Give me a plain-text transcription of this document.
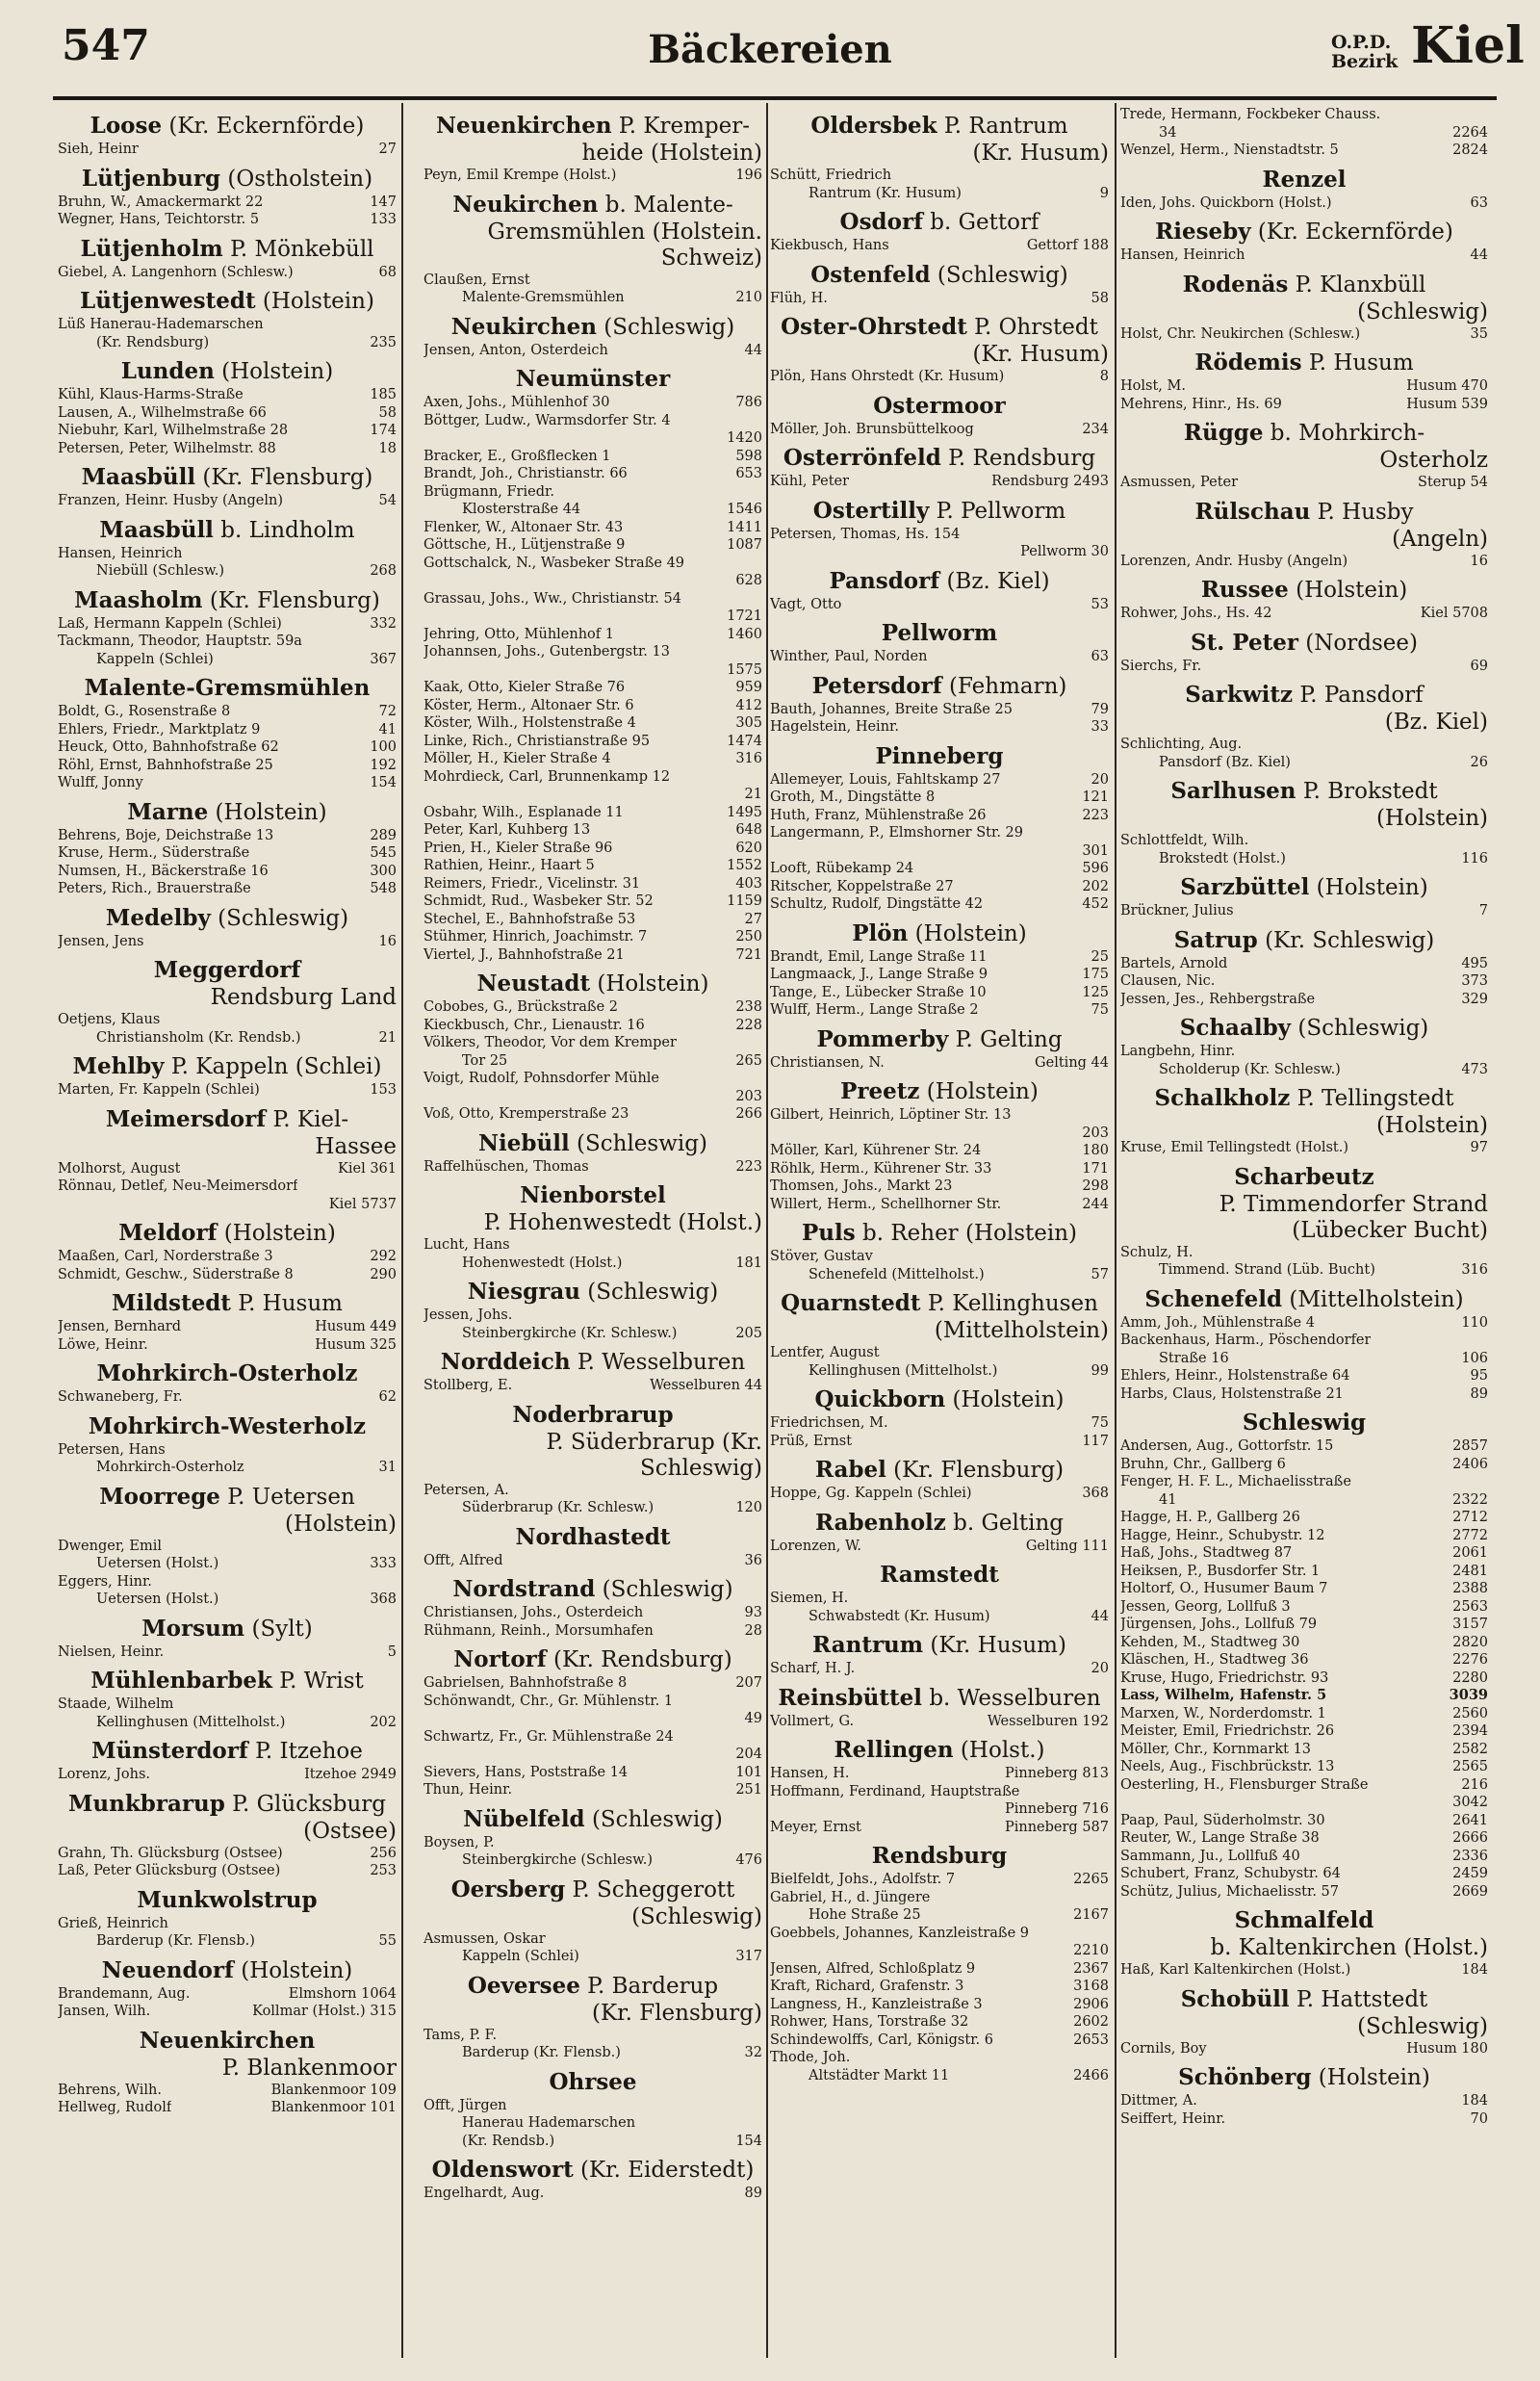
547	Bäckereien	O.P.D.
Bezirk Kiel
Loose (Kr. Eckernförde)
Sieh, Heinr	27
Lütjenburg (Ostholstein)
Bruhn, W., Amackermarkt 22	147
Wegner, Hans, Teichtorstr. 5	133
Lütjenholm P. Mönkebüll
Giebel, A. Langenhorn (Schlesw.)	68
Lütjenwestedt (Holstein)
Lüß Hanerau-Hademarschen
(Kr. Rendsburg)	235
Lunden (Holstein)
Kühl, Klaus-Harms-Straße	185
Lausen, A., Wilhelmstraße 66	58
Niebuhr, Karl, Wilhelmstraße 28	174
Petersen, Peter, Wilhelmstr. 88	18
Maasbüll (Kr. Flensburg)
Franzen, Heinr. Husby (Angeln)	54
Maasbüll b. Lindholm
Hansen, Heinrich
Niebüll (Schlesw.)	268
Maasholm (Kr. Flensburg)
Laß, Hermann Kappeln (Schlei)	332
Tackmann, Theodor, Hauptstr. 59a
Kappeln (Schlei)	367
Malente-Gremsmühlen
Boldt, G., Rosenstraße 8	72
Ehlers, Friedr., Marktplatz 9	41
Heuck, Otto, Bahnhofstraße 62	100
Röhl, Ernst, Bahnhofstraße 25	192
Wulff, Jonny	154
Marne (Holstein)
Behrens, Boje, Deichstraße 13	289
Kruse, Herm., Süderstraße	545
Numsen, H., Bäckerstraße 16	300
Peters, Rich., Brauerstraße	548
Medelby (Schleswig)
Jensen, Jens	16
Meggerdorf
Rendsburg Land
Oetjens, Klaus
Christiansholm (Kr. Rendsb.)	21
Mehlby P. Kappeln (Schlei)
Marten, Fr. Kappeln (Schlei)	153
Meimersdorf P. Kiel-
Hassee
Molhorst, August	Kiel 361
Rönnau, Detlef, Neu-Meimersdorf
Kiel 5737
Meldorf (Holstein)
Maaßen, Carl, Norderstraße 3	292
Schmidt, Geschw., Süderstraße 8	290
Mildstedt P. Husum
Jensen, Bernhard	Husum 449
Löwe, Heinr.	Husum 325
Mohrkirch-Osterholz
Schwaneberg, Fr.	62
Mohrkirch-Westerholz
Petersen, Hans
Mohrkirch-Osterholz	31
Moorrege P. Uetersen
(Holstein)
Dwenger, Emil
Uetersen (Holst.)	333
Eggers, Hinr.
Uetersen (Holst.)	368
Morsum (Sylt)
Nielsen, Heinr.	5
Mühlenbarbek P. Wrist
Staade, Wilhelm
Kellinghusen (Mittelholst.)	202
Münsterdorf P. Itzehoe
Lorenz, Johs.	Itzehoe 2949
Munkbrarup P. Glücksburg
(Ostsee)
Grahn, Th. Glücksburg (Ostsee)	256
Laß, Peter Glücksburg (Ostsee)	253
Munkwolstrup
Grieß, Heinrich
Barderup (Kr. Flensb.)	55
Neuendorf (Holstein)
Brandemann, Aug.	Elmshorn 1064
Jansen, Wilh.	Kollmar (Holst.) 315
Neuenkirchen
P. Blankenmoor
Behrens, Wilh.	Blankenmoor 109
Hellweg, Rudolf	Blankenmoor 101
Neuenkirchen P. Kremper-
heide (Holstein)
Peyn, Emil Krempe (Holst.)	196
Neukirchen b. Malente-
Gremsmühlen (Holstein. Schweiz)
Claußen, Ernst
Malente-Gremsmühlen	210
Neukirchen (Schleswig)
Jensen, Anton, Osterdeich	44
Neumünster
Axen, Johs., Mühlenhof 30	786
Böttger, Ludw., Warmsdorfer Str. 4
1420
Bracker, E., Großflecken 1	598
Brandt, Joh., Christianstr. 66	653
Brügmann, Friedr.
Klosterstraße 44	1546
Flenker, W., Altonaer Str. 43	1411
Göttsche, H., Lütjenstraße 9	1087
Gottschalck, N., Wasbeker Straße 49
628
Grassau, Johs., Ww., Christianstr. 54
1721
Jehring, Otto, Mühlenhof 1	1460
Johannsen, Johs., Gutenbergstr. 13
1575
Kaak, Otto, Kieler Straße 76	959
Köster, Herm., Altonaer Str. 6	412
Köster, Wilh., Holstenstraße 4	305
Linke, Rich., Christianstraße 95	1474
Möller, H., Kieler Straße 4	316
Mohrdieck, Carl, Brunnenkamp 12
21
Osbahr, Wilh., Esplanade 11	1495
Peter, Karl, Kuhberg 13	648
Prien, H., Kieler Straße 96	620
Rathien, Heinr., Haart 5	1552
Reimers, Friedr., Vicelinstr. 31	403
Schmidt, Rud., Wasbeker Str. 52	1159
Stechel, E., Bahnhofstraße 53	27
Stühmer, Hinrich, Joachimstr. 7	250
Viertel, J., Bahnhofstraße 21	721
Neustadt (Holstein)
Cobobes, G., Brückstraße 2	238
Kieckbusch, Chr., Lienaustr. 16	228
Völkers, Theodor, Vor dem Kremper
Tor 25	265
Voigt, Rudolf, Pohnsdorfer Mühle
203
Voß, Otto, Kremperstraße 23	266
Niebüll (Schleswig)
Raffelhüschen, Thomas	223
Nienborstel
P. Hohenwestedt (Holst.)
Lucht, Hans
Hohenwestedt (Holst.)	181
Niesgrau (Schleswig)
Jessen, Johs.
Steinbergkirche (Kr. Schlesw.)	205
Norddeich P. Wesselburen
Stollberg, E.	Wesselburen 44
Noderbrarup
P. Süderbrarup (Kr. Schleswig)
Petersen, A.
Süderbrarup (Kr. Schlesw.)	120
Nordhastedt
Offt, Alfred	36
Nordstrand (Schleswig)
Christiansen, Johs., Osterdeich	93
Rühmann, Reinh., Morsumhafen	28
Nortorf (Kr. Rendsburg)
Gabrielsen, Bahnhofstraße 8	207
Schönwandt, Chr., Gr. Mühlenstr. 1
49
Schwartz, Fr., Gr. Mühlenstraße 24
204
Sievers, Hans, Poststraße 14	101
Thun, Heinr.	251
Nübelfeld (Schleswig)
Boysen, P.
Steinbergkirche (Schlesw.)	476
Oersberg P. Scheggerott
(Schleswig)
Asmussen, Oskar
Kappeln (Schlei)	317
Oeversee P. Barderup
(Kr. Flensburg)
Tams, P. F.
Barderup (Kr. Flensb.)	32
Ohrsee
Offt, Jürgen
Hanerau Hademarschen
(Kr. Rendsb.)	154
Oldenswort (Kr. Eiderstedt)
Engelhardt, Aug.	89
Oldersbek P. Rantrum
(Kr. Husum)
Schütt, Friedrich
Rantrum (Kr. Husum)	9
Osdorf b. Gettorf
Kiekbusch, Hans	Gettorf 188
Ostenfeld (Schleswig)
Flüh, H.	58
Oster-Ohrstedt P. Ohrstedt
(Kr. Husum)
Plön, Hans Ohrstedt (Kr. Husum)	8
Ostermoor
Möller, Joh. Brunsbüttelkoog	234
Osterrönfeld P. Rendsburg
Kühl, Peter	Rendsburg 2493
Ostertilly P. Pellworm
Petersen, Thomas, Hs. 154
Pellworm 30
Pansdorf (Bz. Kiel)
Vagt, Otto	53
Pellworm
Winther, Paul, Norden	63
Petersdorf (Fehmarn)
Bauth, Johannes, Breite Straße 25	79
Hagelstein, Heinr.	33
Pinneberg
Allemeyer, Louis, Fahltskamp 27	20
Groth, M., Dingstätte 8	121
Huth, Franz, Mühlenstraße 26	223
Langermann, P., Elmshorner Str. 29
301
Looft, Rübekamp 24	596
Ritscher, Koppelstraße 27	202
Schultz, Rudolf, Dingstätte 42	452
Plön (Holstein)
Brandt, Emil, Lange Straße 11	25
Langmaack, J., Lange Straße 9	175
Tange, E., Lübecker Straße 10	125
Wulff, Herm., Lange Straße 2	75
Pommerby P. Gelting
Christiansen, N.	Gelting 44
Preetz (Holstein)
Gilbert, Heinrich, Löptiner Str. 13
203
Möller, Karl, Kührener Str. 24	180
Röhlk, Herm., Kührener Str. 33	171
Thomsen, Johs., Markt 23	298
Willert, Herm., Schellhorner Str.	244
Puls b. Reher (Holstein)
Stöver, Gustav
Schenefeld (Mittelholst.)	57
Quarnstedt P. Kellinghusen
(Mittelholstein)
Lentfer, August
Kellinghusen (Mittelholst.)	99
Quickborn (Holstein)
Friedrichsen, M.	75
Prüß, Ernst	117
Rabel (Kr. Flensburg)
Hoppe, Gg. Kappeln (Schlei)	368
Rabenholz b. Gelting
Lorenzen, W.	Gelting 111
Ramstedt
Siemen, H.
Schwabstedt (Kr. Husum)	44
Rantrum (Kr. Husum)
Scharf, H. J.	20
Reinsbüttel b. Wesselburen
Vollmert, G.	Wesselburen 192
Rellingen (Holst.)
Hansen, H.	Pinneberg 813
Hoffmann, Ferdinand, Hauptstraße
Pinneberg 716
Meyer, Ernst	Pinneberg 587
Rendsburg
Bielfeldt, Johs., Adolfstr. 7	2265
Gabriel, H., d. Jüngere
Hohe Straße 25	2167
Goebbels, Johannes, Kanzleistraße 9
2210
Jensen, Alfred, Schloßplatz 9	2367
Kraft, Richard, Grafenstr. 3	3168
Langness, H., Kanzleistraße 3	2906
Rohwer, Hans, Torstraße 32	2602
Schindewolffs, Carl, Königstr. 6	2653
Thode, Joh.
Altstädter Markt 11	2466
Trede, Hermann, Fockbeker Chauss.
34	2264
Wenzel, Herm., Nienstadtstr. 5	2824
Renzel
Iden, Johs. Quickborn (Holst.)	63
Rieseby (Kr. Eckernförde)
Hansen, Heinrich	44
Rodenäs P. Klanxbüll
(Schleswig)
Holst, Chr. Neukirchen (Schlesw.)	35
Rödemis P. Husum
Holst, M.	Husum 470
Mehrens, Hinr., Hs. 69	Husum 539
Rügge b. Mohrkirch-
Osterholz
Asmussen, Peter	Sterup 54
Rülschau P. Husby
(Angeln)
Lorenzen, Andr. Husby (Angeln)	16
Russee (Holstein)
Rohwer, Johs., Hs. 42	Kiel 5708
St. Peter (Nordsee)
Sierchs, Fr.	69
Sarkwitz P. Pansdorf
(Bz. Kiel)
Schlichting, Aug.
Pansdorf (Bz. Kiel)	26
Sarlhusen P. Brokstedt
(Holstein)
Schlottfeldt, Wilh.
Brokstedt (Holst.)	116
Sarzbüttel (Holstein)
Brückner, Julius	7
Satrup (Kr. Schleswig)
Bartels, Arnold	495
Clausen, Nic.	373
Jessen, Jes., Rehbergstraße	329
Schaalby (Schleswig)
Langbehn, Hinr.
Scholderup (Kr. Schlesw.)	473
Schalkholz P. Tellingstedt
(Holstein)
Kruse, Emil Tellingstedt (Holst.)	97
Scharbeutz
P. Timmendorfer Strand (Lübecker Bucht)
Schulz, H.
Timmend. Strand (Lüb. Bucht)	316
Schenefeld (Mittelholstein)
Amm, Joh., Mühlenstraße 4	110
Backenhaus, Harm., Pöschendorfer
Straße 16	106
Ehlers, Heinr., Holstenstraße 64	95
Harbs, Claus, Holstenstraße 21	89
Schleswig
Andersen, Aug., Gottorfstr. 15	2857
Bruhn, Chr., Gallberg 6	2406
Fenger, H. F. L., Michaelisstraße
41	2322
Hagge, H. P., Gallberg 26	2712
Hagge, Heinr., Schubystr. 12	2772
Haß, Johs., Stadtweg 87	2061
Heiksen, P., Busdorfer Str. 1	2481
Holtorf, O., Husumer Baum 7	2388
Jessen, Georg, Lollfuß 3	2563
Jürgensen, Johs., Lollfuß 79	3157
Kehden, M., Stadtweg 30	2820
Kläschen, H., Stadtweg 36	2276
Kruse, Hugo, Friedrichstr. 93	2280
Lass, Wilhelm, Hafenstr. 5	3039
Marxen, W., Norderdomstr. 1	2560
Meister, Emil, Friedrichstr. 26	2394
Möller, Chr., Kornmarkt 13	2582
Neels, Aug., Fischbrückstr. 13	2565
Oesterling, H., Flensburger Straße	216
3042
Paap, Paul, Süderholmstr. 30	2641
Reuter, W., Lange Straße 38	2666
Sammann, Ju., Lollfuß 40	2336
Schubert, Franz, Schubystr. 64	2459
Schütz, Julius, Michaelisstr. 57	2669
Schmalfeld
b. Kaltenkirchen (Holst.)
Haß, Karl Kaltenkirchen (Holst.)	184
Schobüll P. Hattstedt
(Schleswig)
Cornils, Boy	Husum 180
Schönberg (Holstein)
Dittmer, A.	184
Seiffert, Heinr.	70
